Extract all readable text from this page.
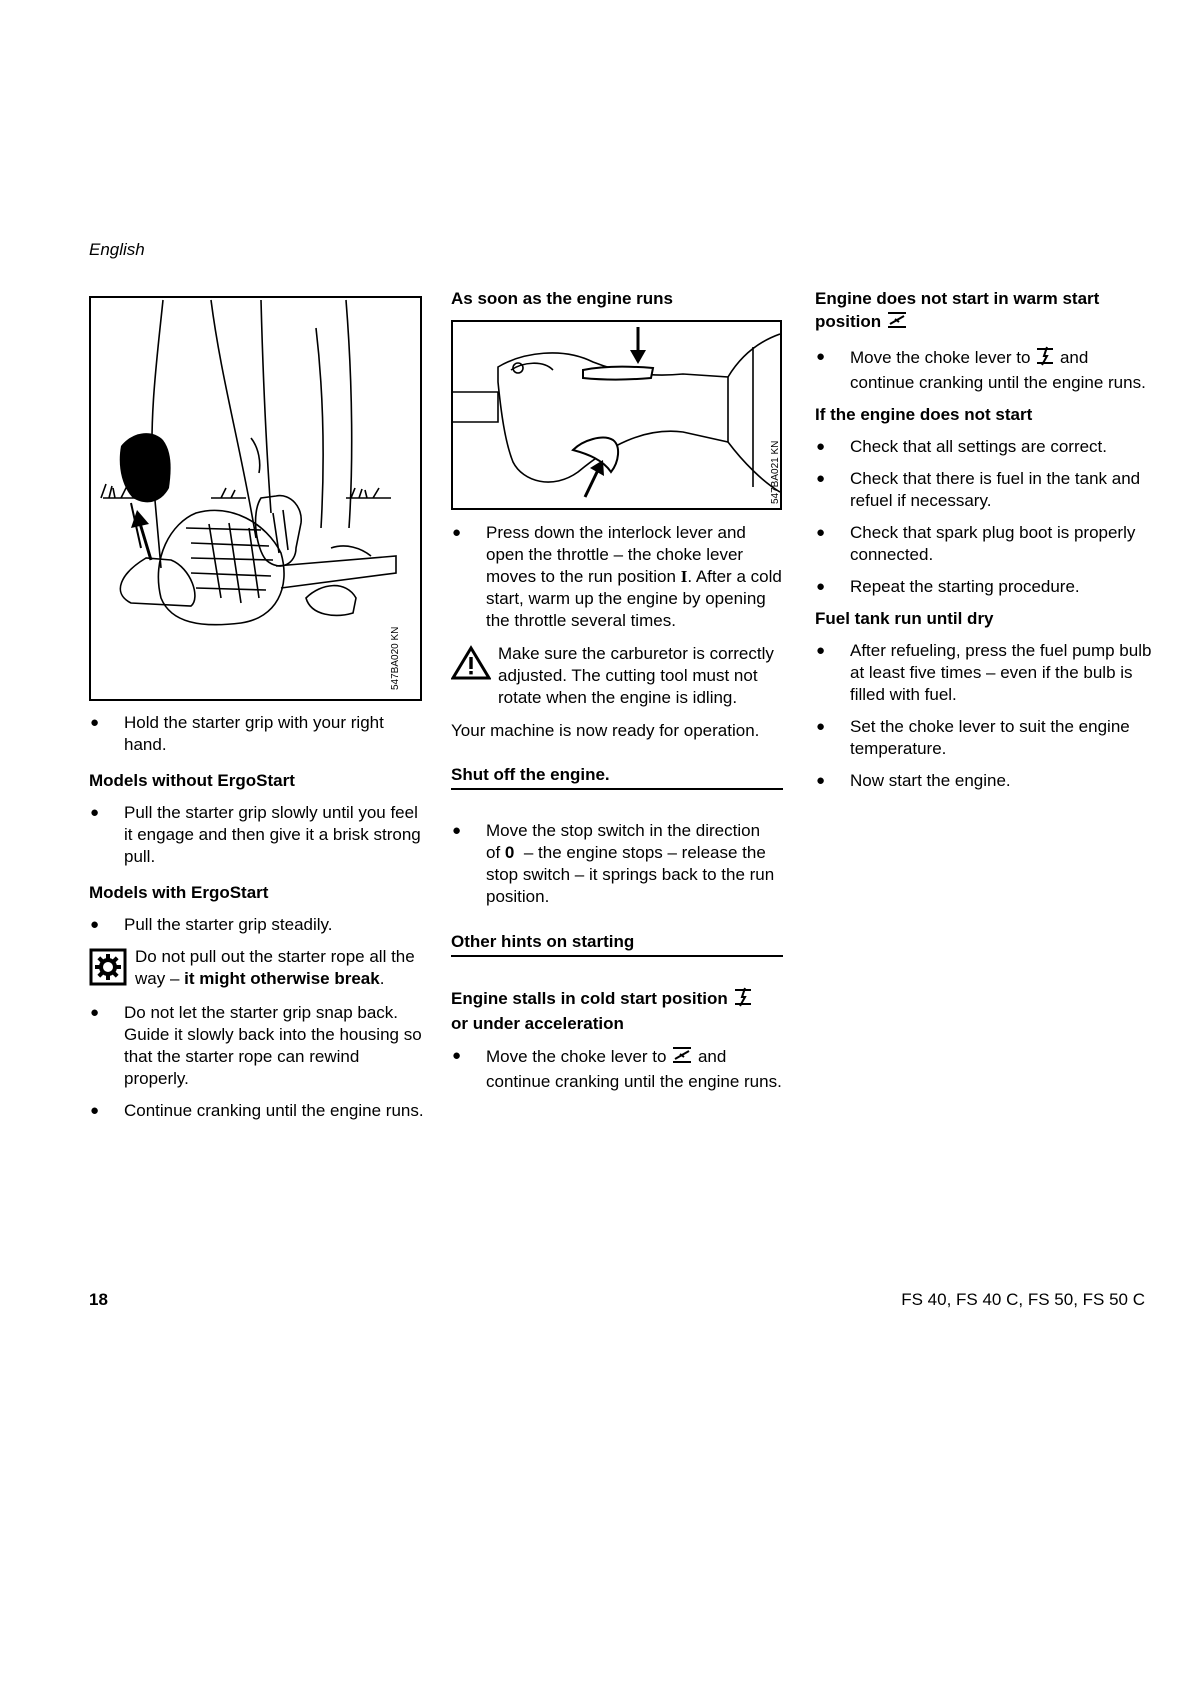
English
547BA020 KN

● Hold the starter grip with your right hand.

Models without ErgoStart

● Pull the starter grip slowly until you feel it engage and then give it a brisk strong pull.

Models with ErgoStart

● Pull the starter grip steadily.

Do not pull out the starter rope all the way – it might otherwise break.

● Do not let the starter grip snap back. Guide it slowly back into the housing so that the starter rope can rewind properly.

● Continue cranking until the engine runs.

As soon as the engine runs

547BA021 KN

● Press down the interlock lever and open the throttle – the choke lever moves to the run position I. After a cold start, warm up the engine by opening the throttle several times.

Make sure the carburetor is correctly adjusted. The cutting tool must not rotate when the engine is idling.

Your machine is now ready for operation.

Shut off the engine.

● Move the stop switch in the direction of 0 – the engine stops – release the stop switch – it springs back to the run position.

Other hints on starting

Engine stalls in cold start position
or under acceleration

● Move the choke lever to and continue cranking until the engine runs.

Engine does not start in warm start
position

● Move the choke lever to and continue cranking until the engine runs.

If the engine does not start

● Check that all settings are correct.

● Check that there is fuel in the tank and refuel if necessary.

● Check that spark plug boot is properly connected.

● Repeat the starting procedure.

Fuel tank run until dry

● After refueling, press the fuel pump bulb at least five times – even if the bulb is filled with fuel.

● Set the choke lever to suit the engine temperature.

● Now start the engine.

18	FS 40, FS 40 C, FS 50, FS 50 C
